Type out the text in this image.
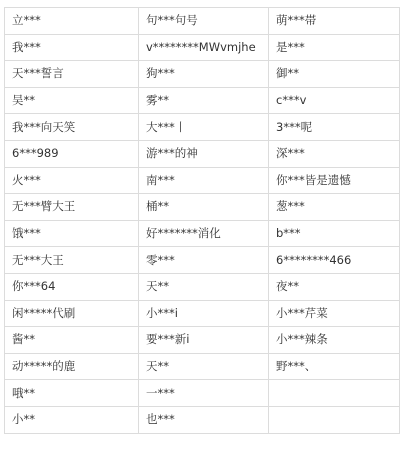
立***	句***句号	萌***帯
我***	v********MWvmjhe	是***
天***誓言	狗***	御**
吴**	雾**	c***v
我***向天笑	大***丨	3***呢
6***989	游***的神	深***
火***	南***	你***皆是遗憾
无***臂大王	桶**	葱***
饿***	好*******消化	b***
无***大王	零***	6********466
你***64	天**	夜**
闲*****代刷	小***i	小***芹菜
酱**	要***新i	小***辣条
动*****的鹿	天**	野***、
哦**	一***	
小**	也***	
